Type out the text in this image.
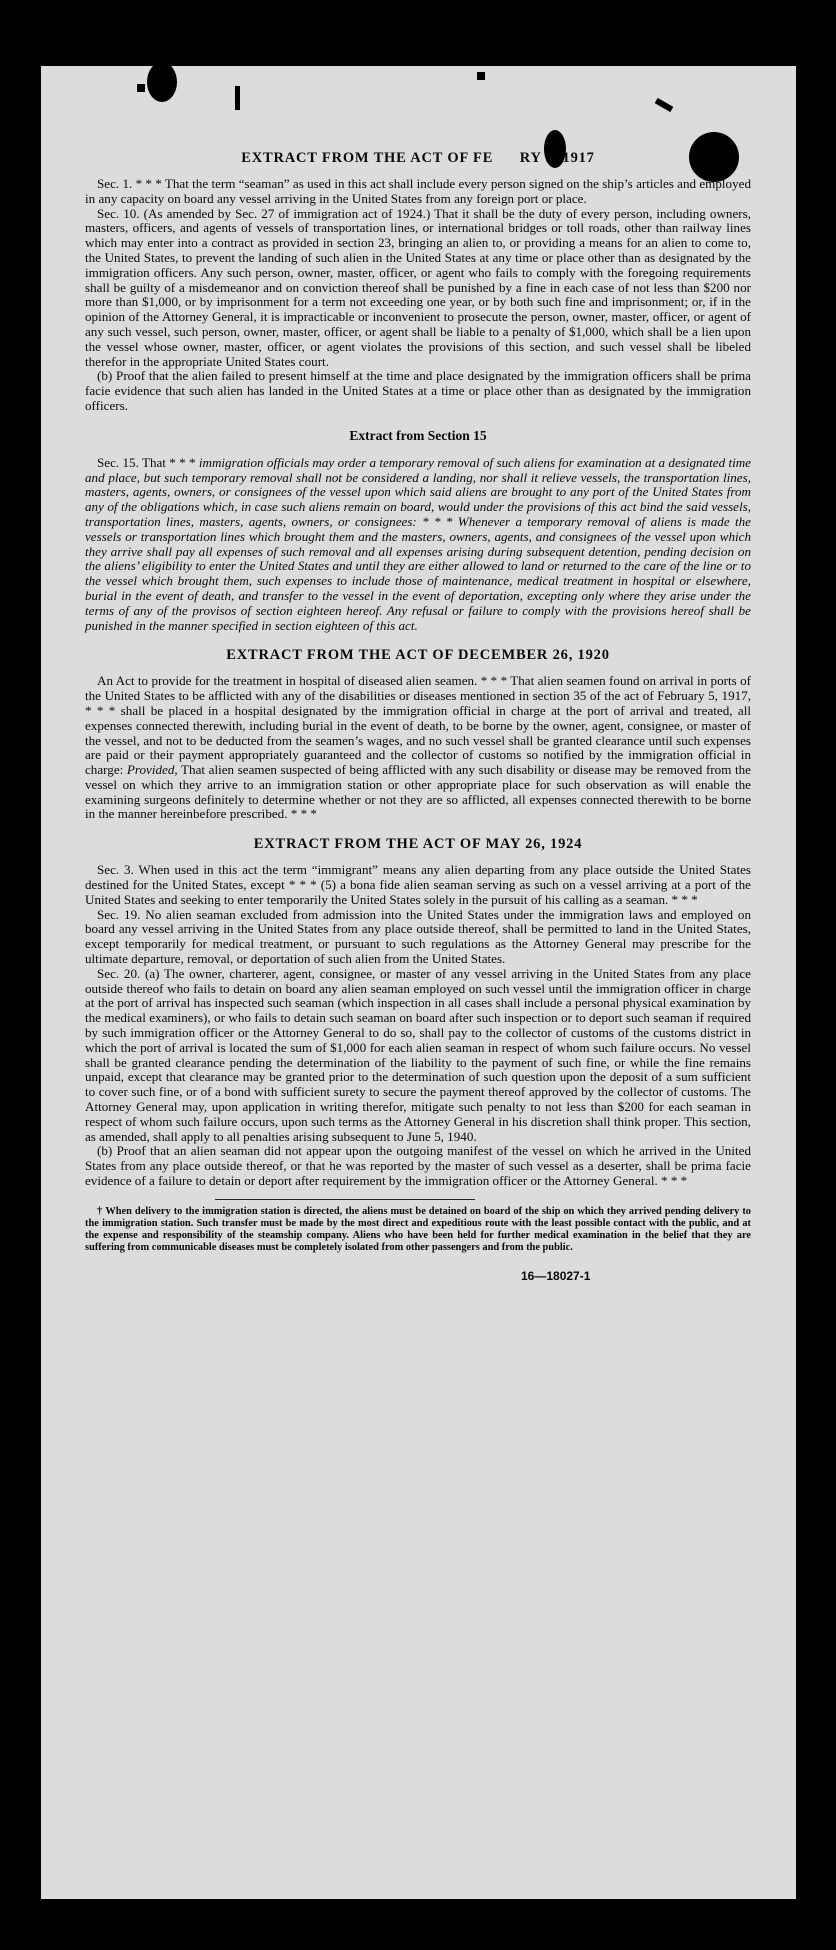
EXTRACT FROM THE ACT OF FE      RY 5, 1917

Sec. 1. * * * That the term “seaman” as used in this act shall include every person signed on the ship’s articles and employed in any capacity on board any vessel arriving in the United States from any foreign port or place.

Sec. 10. (As amended by Sec. 27 of immigration act of 1924.) That it shall be the duty of every person, including owners, masters, officers, and agents of vessels of transportation lines, or international bridges or toll roads, other than railway lines which may enter into a contract as provided in section 23, bringing an alien to, or providing a means for an alien to come to, the United States, to prevent the landing of such alien in the United States at any time or place other than as designated by the immigration officers. Any such person, owner, master, officer, or agent who fails to comply with the foregoing requirements shall be guilty of a misdemeanor and on conviction thereof shall be punished by a fine in each case of not less than $200 nor more than $1,000, or by imprisonment for a term not exceeding one year, or by both such fine and imprisonment; or, if in the opinion of the Attorney General, it is impracticable or inconvenient to prosecute the person, owner, master, officer, or agent of any such vessel, such person, owner, master, officer, or agent shall be liable to a penalty of $1,000, which shall be a lien upon the vessel whose owner, master, officer, or agent violates the provisions of this section, and such vessel shall be libeled therefor in the appropriate United States court.

(b) Proof that the alien failed to present himself at the time and place designated by the immigration officers shall be prima facie evidence that such alien has landed in the United States at a time or place other than as designated by the immigration officers.

Extract from Section 15

Sec. 15. That * * * immigration officials may order a temporary removal of such aliens for examination at a designated time and place, but such temporary removal shall not be considered a landing, nor shall it relieve vessels, the transportation lines, masters, agents, owners, or consignees of the vessel upon which said aliens are brought to any port of the United States from any of the obligations which, in case such aliens remain on board, would under the provisions of this act bind the said vessels, transportation lines, masters, agents, owners, or consignees: * * * Whenever a temporary removal of aliens is made the vessels or transportation lines which brought them and the masters, owners, agents, and consignees of the vessel upon which they arrive shall pay all expenses of such removal and all expenses arising during subsequent detention, pending decision on the aliens’ eligibility to enter the United States and until they are either allowed to land or returned to the care of the line or to the vessel which brought them, such expenses to include those of maintenance, medical treatment in hospital or elsewhere, burial in the event of death, and transfer to the vessel in the event of deportation, excepting only where they arise under the terms of any of the provisos of section eighteen hereof. Any refusal or failure to comply with the provisions hereof shall be punished in the manner specified in section eighteen of this act.

EXTRACT FROM THE ACT OF DECEMBER 26, 1920

An Act to provide for the treatment in hospital of diseased alien seamen. * * * That alien seamen found on arrival in ports of the United States to be afflicted with any of the disabilities or diseases mentioned in section 35 of the act of February 5, 1917, * * * shall be placed in a hospital designated by the immigration official in charge at the port of arrival and treated, all expenses connected therewith, including burial in the event of death, to be borne by the owner, agent, consignee, or master of the vessel, and not to be deducted from the seamen’s wages, and no such vessel shall be granted clearance until such expenses are paid or their payment appropriately guaranteed and the collector of customs so notified by the immigration official in charge: Provided, That alien seamen suspected of being afflicted with any such disability or disease may be removed from the vessel on which they arrive to an immigration station or other appropriate place for such observation as will enable the examining surgeons definitely to determine whether or not they are so afflicted, all expenses connected therewith to be borne in the manner hereinbefore prescribed. * * *

EXTRACT FROM THE ACT OF MAY 26, 1924

Sec. 3. When used in this act the term “immigrant” means any alien departing from any place outside the United States destined for the United States, except * * * (5) a bona fide alien seaman serving as such on a vessel arriving at a port of the United States and seeking to enter temporarily the United States solely in the pursuit of his calling as a seaman. * * *

Sec. 19. No alien seaman excluded from admission into the United States under the immigration laws and employed on board any vessel arriving in the United States from any place outside thereof, shall be permitted to land in the United States, except temporarily for medical treatment, or pursuant to such regulations as the Attorney General may prescribe for the ultimate departure, removal, or deportation of such alien from the United States.

Sec. 20. (a) The owner, charterer, agent, consignee, or master of any vessel arriving in the United States from any place outside thereof who fails to detain on board any alien seaman employed on such vessel until the immigration officer in charge at the port of arrival has inspected such seaman (which inspection in all cases shall include a personal physical examination by the medical examiners), or who fails to detain such seaman on board after such inspection or to deport such seaman if required by such immigration officer or the Attorney General to do so, shall pay to the collector of customs of the customs district in which the port of arrival is located the sum of $1,000 for each alien seaman in respect of whom such failure occurs. No vessel shall be granted clearance pending the determination of the liability to the payment of such fine, or while the fine remains unpaid, except that clearance may be granted prior to the determination of such question upon the deposit of a sum sufficient to cover such fine, or of a bond with sufficient surety to secure the payment thereof approved by the collector of customs. The Attorney General may, upon application in writing therefor, mitigate such penalty to not less than $200 for each seaman in respect of whom such failure occurs, upon such terms as the Attorney General in his discretion shall think proper. This section, as amended, shall apply to all penalties arising subsequent to June 5, 1940.

(b) Proof that an alien seaman did not appear upon the outgoing manifest of the vessel on which he arrived in the United States from any place outside thereof, or that he was reported by the master of such vessel as a deserter, shall be prima facie evidence of a failure to detain or deport after requirement by the immigration officer or the Attorney General. * * *

† When delivery to the immigration station is directed, the aliens must be detained on board of the ship on which they arrived pending delivery to the immigration station. Such transfer must be made by the most direct and expeditious route with the least possible contact with the public, and at the expense and responsibility of the steamship company. Aliens who have been held for further medical examination in the belief that they are suffering from communicable diseases must be completely isolated from other passengers and from the public.

16—18027‑1
